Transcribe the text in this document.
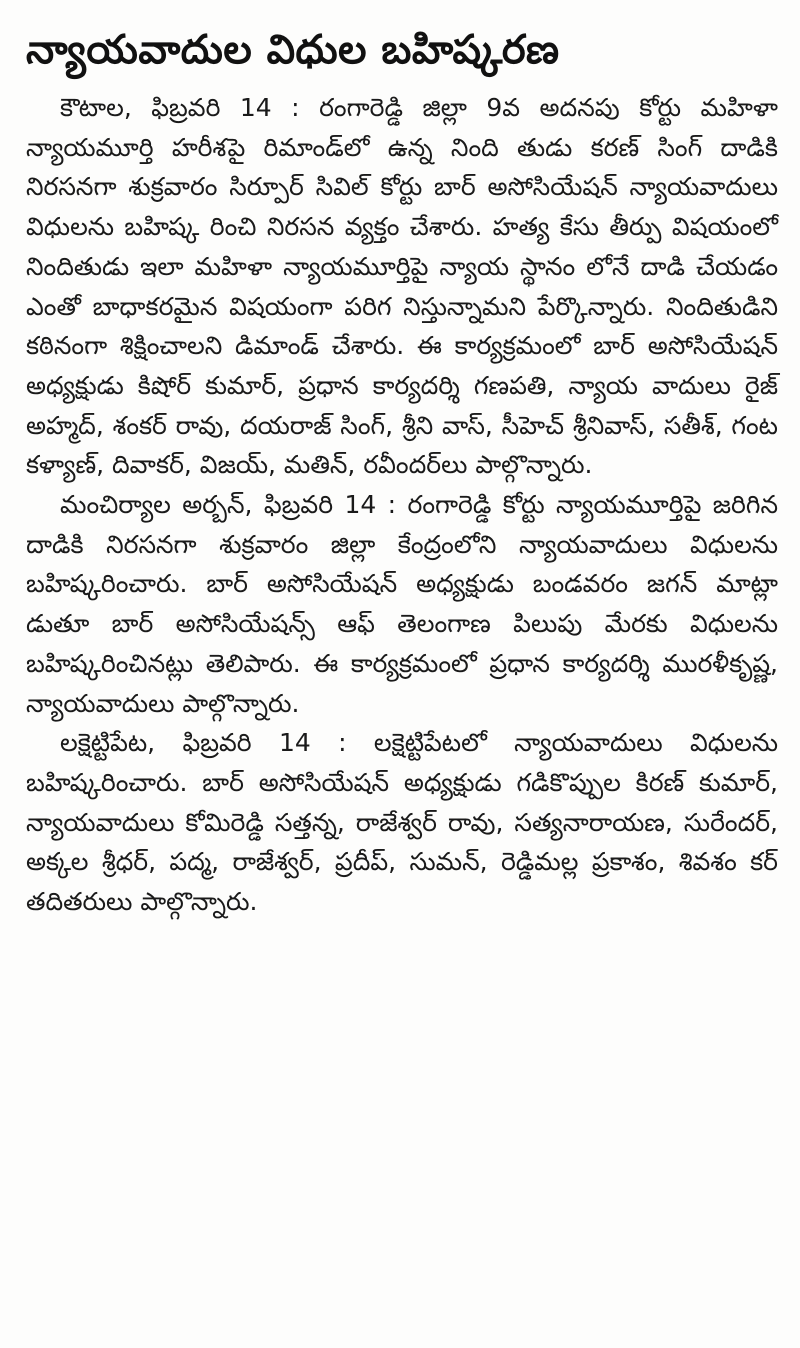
న్యాయవాదుల విధుల బహిష్కరణ

కౌటాల, ఫిబ్రవరి 14 : రంగారెడ్డి జిల్లా 9వ అదనపు కోర్టు మహిళా న్యాయమూర్తి హరీశపై రిమాండ్‌లో ఉన్న నింది తుడు కరణ్ సింగ్ దాడికి నిరసనగా శుక్రవారం సిర్పూర్ సివిల్ కోర్టు బార్ అసోసియేషన్ న్యాయవాదులు విధులను బహిష్క రించి నిరసన వ్యక్తం చేశారు. హత్య కేసు తీర్పు విషయంలో నిందితుడు ఇలా మహిళా న్యాయమూర్తిపై న్యాయ స్థానం లోనే దాడి చేయడం ఎంతో బాధాకరమైన విషయంగా పరిగ నిస్తున్నామని పేర్కొన్నారు. నిందితుడిని కఠినంగా శిక్షించాలని డిమాండ్ చేశారు. ఈ కార్యక్రమంలో బార్ అసోసియేషన్ అధ్యక్షుడు కిషోర్ కుమార్, ప్రధాన కార్యదర్శి గణపతి, న్యాయ వాదులు రైజ్ అహ్మద్, శంకర్ రావు, దయరాజ్ సింగ్, శ్రీని వాస్, సీహెచ్ శ్రీనివాస్, సతీశ్, గంట కళ్యాణ్, దివాకర్, విజయ్, మతిన్, రవీందర్‌లు పాల్గొన్నారు.

మంచిర్యాల అర్బన్, ఫిబ్రవరి 14 : రంగారెడ్డి కోర్టు న్యాయమూర్తిపై జరిగిన దాడికి నిరసనగా శుక్రవారం జిల్లా కేంద్రంలోని న్యాయవాదులు విధులను బహిష్కరించారు. బార్ అసోసియేషన్ అధ్యక్షుడు బండవరం జగన్ మాట్లా డుతూ బార్ అసోసియేషన్స్ ఆఫ్ తెలంగాణ పిలుపు మేరకు విధులను బహిష్కరించినట్లు తెలిపారు. ఈ కార్యక్రమంలో ప్రధాన కార్యదర్శి మురళీకృష్ణ, న్యాయవాదులు పాల్గొన్నారు.

లక్షెట్టిపేట, ఫిబ్రవరి 14 : లక్షెట్టిపేటలో న్యాయవాదులు విధులను బహిష్కరించారు. బార్ అసోసియేషన్ అధ్యక్షుడు గడికొప్పుల కిరణ్ కుమార్, న్యాయవాదులు కోమిరెడ్డి సత్తన్న, రాజేశ్వర్ రావు, సత్యనారాయణ, సురేందర్, అక్కల శ్రీధర్, పద్మ, రాజేశ్వర్, ప్రదీప్, సుమన్, రెడ్డిమల్ల ప్రకాశం, శివశం కర్ తదితరులు పాల్గొన్నారు.
